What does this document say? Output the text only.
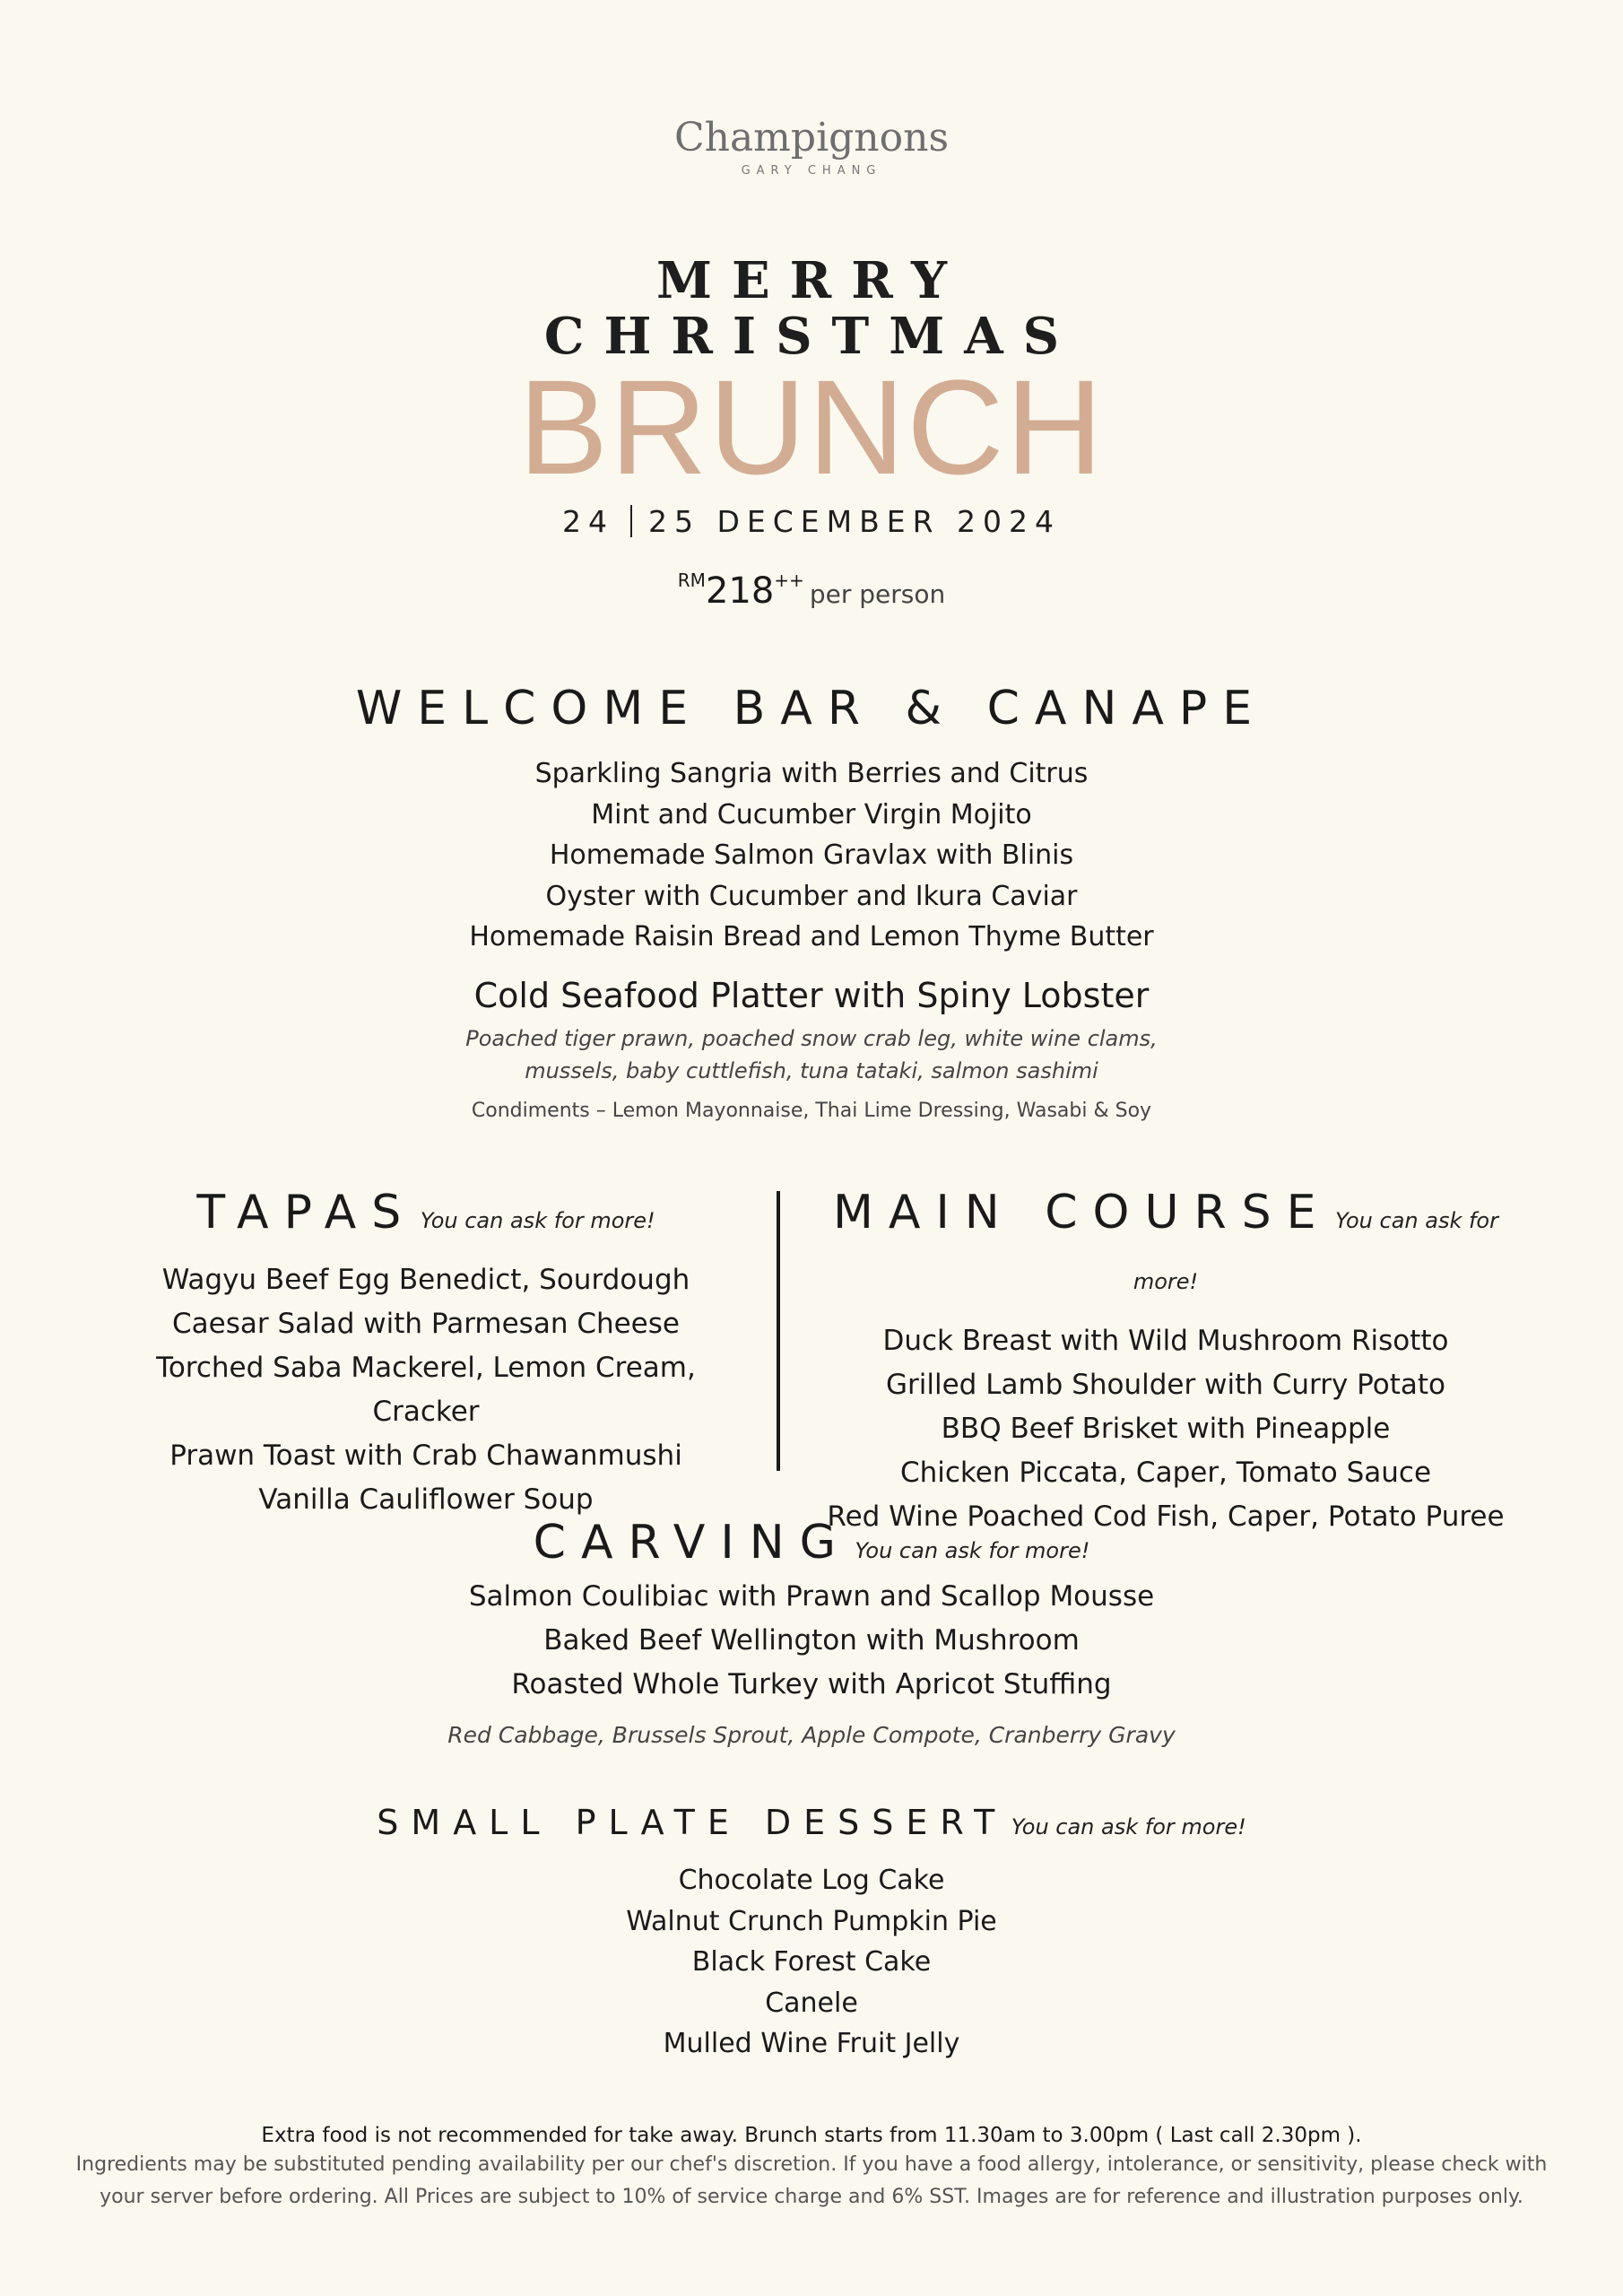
Champignons
GARY CHANG
MERRY
CHRISTMAS
BRUNCH
24 25 DECEMBER 2024
RM218++ per person
WELCOME BAR & CANAPE
Sparkling Sangria with Berries and Citrus
Mint and Cucumber Virgin Mojito
Homemade Salmon Gravlax with Blinis
Oyster with Cucumber and Ikura Caviar
Homemade Raisin Bread and Lemon Thyme Butter
Cold Seafood Platter with Spiny Lobster
Poached tiger prawn, poached snow crab leg, white wine clams,
mussels, baby cuttlefish, tuna tataki, salmon sashimi
Condiments – Lemon Mayonnaise, Thai Lime Dressing, Wasabi & Soy
TAPAS You can ask for more!
Wagyu Beef Egg Benedict, Sourdough
Caesar Salad with Parmesan Cheese
Torched Saba Mackerel, Lemon Cream, Cracker
Prawn Toast with Crab Chawanmushi
Vanilla Cauliflower Soup
MAIN COURSE You can ask for more!
Duck Breast with Wild Mushroom Risotto
Grilled Lamb Shoulder with Curry Potato
BBQ Beef Brisket with Pineapple
Chicken Piccata, Caper, Tomato Sauce
Red Wine Poached Cod Fish, Caper, Potato Puree
CARVING You can ask for more!
Salmon Coulibiac with Prawn and Scallop Mousse
Baked Beef Wellington with Mushroom
Roasted Whole Turkey with Apricot Stuffing
Red Cabbage, Brussels Sprout, Apple Compote, Cranberry Gravy
SMALL PLATE DESSERT You can ask for more!
Chocolate Log Cake
Walnut Crunch Pumpkin Pie
Black Forest Cake
Canele
Mulled Wine Fruit Jelly
Extra food is not recommended for take away. Brunch starts from 11.30am to 3.00pm ( Last call 2.30pm ).
Ingredients may be substituted pending availability per our chef's discretion. If you have a food allergy, intolerance, or sensitivity, please check with
your server before ordering. All Prices are subject to 10% of service charge and 6% SST. Images are for reference and illustration purposes only.
